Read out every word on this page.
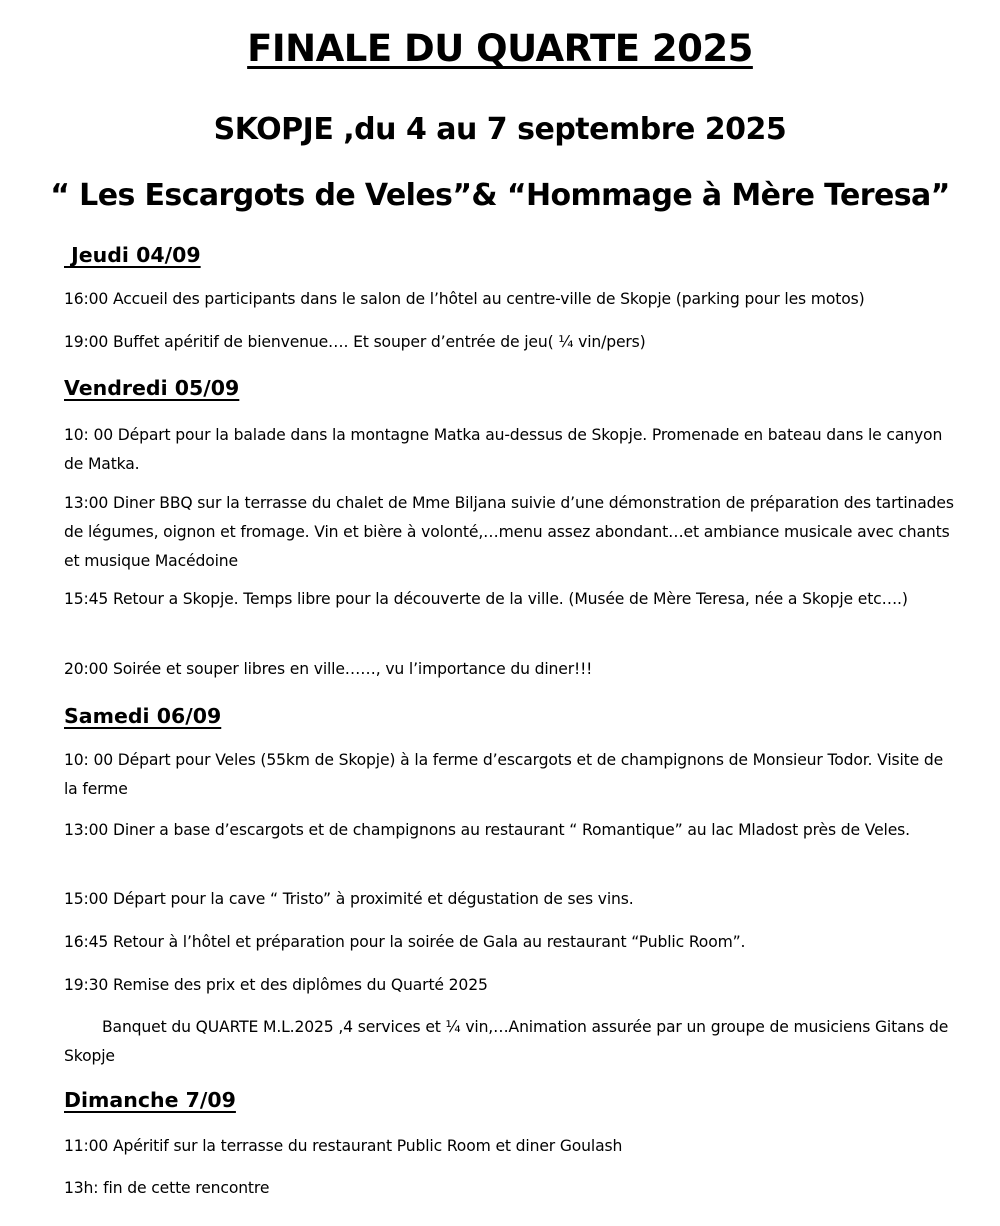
FINALE DU QUARTE 2025
SKOPJE ,du 4 au 7 septembre 2025
“ Les Escargots de Veles”& “Hommage à Mère Teresa”
Jeudi 04/09
16:00 Accueil des participants dans le salon de l’hôtel au centre-ville de Skopje (parking pour les motos)
19:00 Buffet apéritif de bienvenue…. Et souper d’entrée de jeu( ¼ vin/pers)
Vendredi 05/09
10: 00 Départ pour la balade dans la montagne Matka au-dessus de Skopje. Promenade en bateau dans le canyon de Matka.
13:00 Diner BBQ sur la terrasse du chalet de Mme Biljana suivie d’une démonstration de préparation des tartinades de légumes, oignon et fromage. Vin et bière à volonté,…menu assez abondant…et ambiance musicale avec chants et musique Macédoine
15:45 Retour a Skopje. Temps libre pour la découverte de la ville. (Musée de Mère Teresa, née a Skopje etc….)
20:00 Soirée et souper libres en ville……, vu l’importance du diner!!!
Samedi 06/09
10: 00 Départ pour Veles (55km de Skopje) à la ferme d’escargots et de champignons de Monsieur Todor. Visite de la ferme
13:00 Diner a base d’escargots et de champignons au restaurant “ Romantique” au lac Mladost près de Veles.
15:00 Départ pour la cave “ Tristo” à proximité et dégustation de ses vins.
16:45 Retour à l’hôtel et préparation pour la soirée de Gala au restaurant “Public Room”.
19:30 Remise des prix et des diplômes du Quarté 2025
Banquet du QUARTE M.L.2025 ,4 services et ¼ vin,…Animation assurée par un groupe de musiciens Gitans de Skopje
Dimanche 7/09
11:00 Apéritif sur la terrasse du restaurant Public Room et diner Goulash
13h: fin de cette rencontre
